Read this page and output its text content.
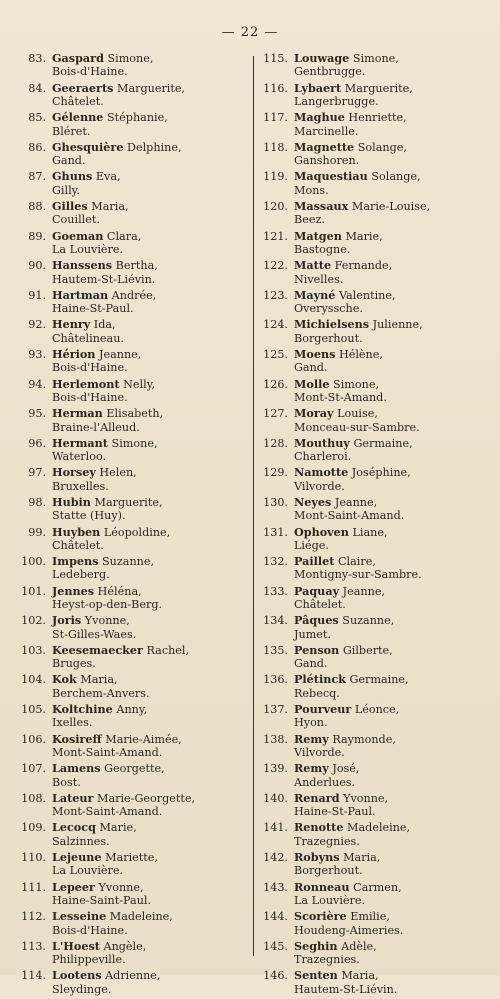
— 22 —
83. Gaspard Simone,
Bois-d'Haine.
84. Geeraerts Marguerite,
Châtelet.
85. Gélenne Stéphanie,
Bléret.
86. Ghesquière Delphine,
Gand.
87. Ghuns Eva,
Gilly.
88. Gilles Maria,
Couillet.
89. Goeman Clara,
La Louvière.
90. Hanssens Bertha,
Hautem-St-Liévin.
91. Hartman Andrée,
Haine-St-Paul.
92. Henry Ida,
Châtelineau.
93. Hérion Jeanne,
Bois-d'Haine.
94. Herlemont Nelly,
Bois-d'Haine.
95. Herman Elisabeth,
Braine-l'Alleud.
96. Hermant Simone,
Waterloo.
97. Horsey Helen,
Bruxelles.
98. Hubin Marguerite,
Statte (Huy).
99. Huyben Léopoldine,
Châtelet.
100. Impens Suzanne,
Ledeberg.
101. Jennes Héléna,
Heyst-op-den-Berg.
102. Joris Yvonne,
St-Gilles-Waes.
103. Keesemaecker Rachel,
Bruges.
104. Kok Maria,
Berchem-Anvers.
105. Koltchine Anny,
Ixelles.
106. Kosireff Marie-Aimée,
Mont-Saint-Amand.
107. Lamens Georgette,
Bost.
108. Lateur Marie-Georgette,
Mont-Saint-Amand.
109. Lecocq Marie,
Salzinnes.
110. Lejeune Mariette,
La Louvière.
111. Lepeer Yvonne,
Haine-Saint-Paul.
112. Lesseine Madeleine,
Bois-d'Haine.
113. L'Hoest Angèle,
Philippeville.
114. Lootens Adrienne,
Sleydinge.
115. Louwage Simone,
Gentbrugge.
116. Lybaert Marguerite,
Langerbrugge.
117. Maghue Henriette,
Marcinelle.
118. Magnette Solange,
Ganshoren.
119. Maquestiau Solange,
Mons.
120. Massaux Marie-Louise,
Beez.
121. Matgen Marie,
Bastogne.
122. Matte Fernande,
Nivelles.
123. Mayné Valentine,
Overyssche.
124. Michielsens Julienne,
Borgerhout.
125. Moens Hélène,
Gand.
126. Molle Simone,
Mont-St-Amand.
127. Moray Louise,
Monceau-sur-Sambre.
128. Mouthuy Germaine,
Charleroi.
129. Namotte Joséphine,
Vilvorde.
130. Neyes Jeanne,
Mont-Saint-Amand.
131. Ophoven Liane,
Liége.
132. Paillet Claire,
Montigny-sur-Sambre.
133. Paquay Jeanne,
Châtelet.
134. Pâques Suzanne,
Jumet.
135. Penson Gilberte,
Gand.
136. Plétinck Germaine,
Rebecq.
137. Pourveur Léonce,
Hyon.
138. Remy Raymonde,
Vilvorde.
139. Remy José,
Anderlues.
140. Renard Yvonne,
Haine-St-Paul.
141. Renotte Madeleine,
Trazegnies.
142. Robyns Maria,
Borgerhout.
143. Ronneau Carmen,
La Louvière.
144. Scorière Emilie,
Houdeng-Aimeries.
145. Seghin Adèle,
Trazegnies.
146. Senten Maria,
Hautem-St-Liévin.
